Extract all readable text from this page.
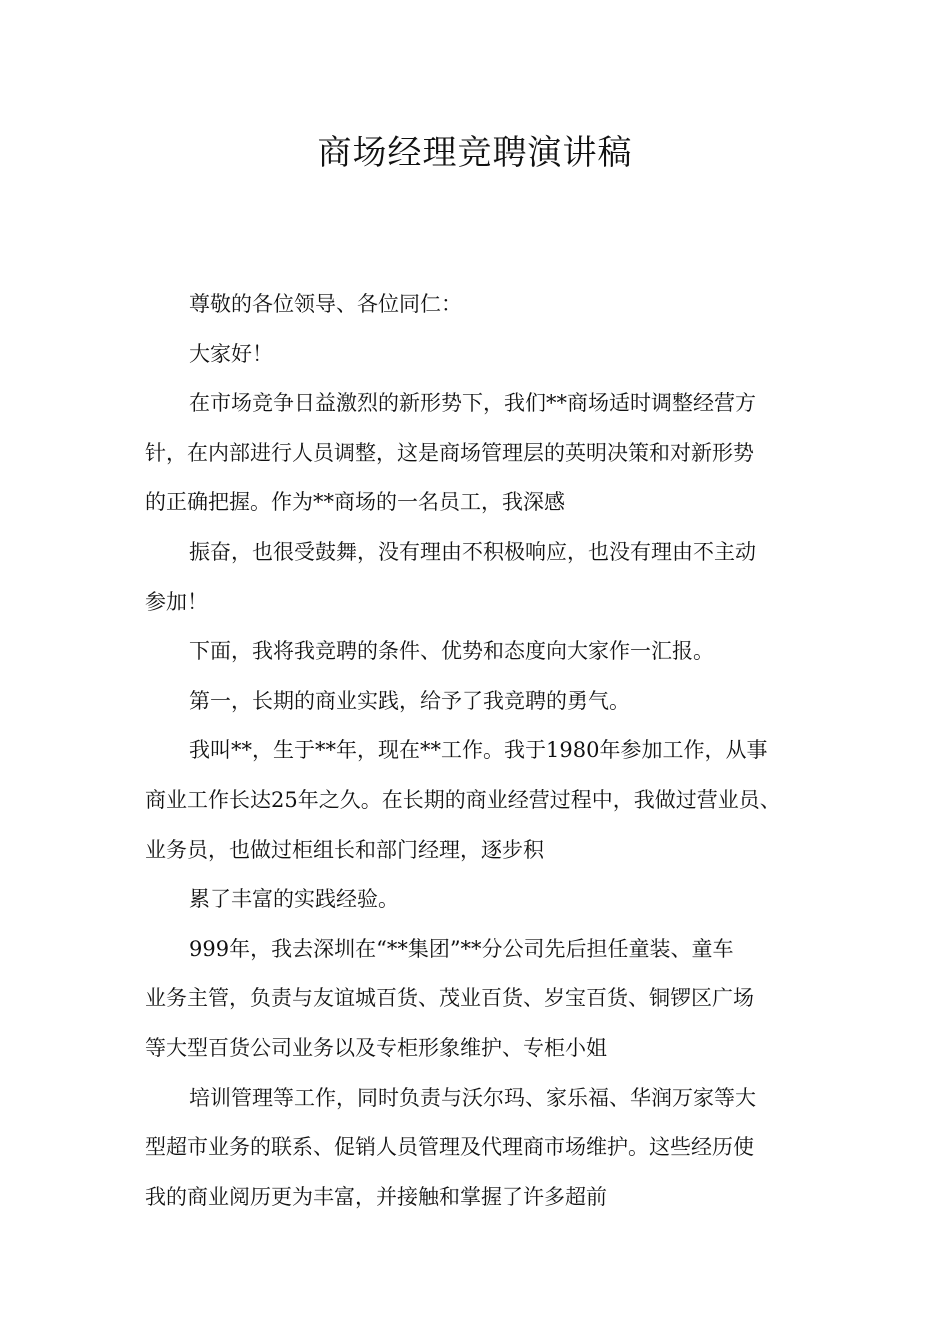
商场经理竞聘演讲稿

尊敬的各位领导、各位同仁：

大家好！

在市场竞争日益激烈的新形势下，我们**商场适时调整经营方

针，在内部进行人员调整，这是商场管理层的英明决策和对新形势

的正确把握。作为**商场的一名员工，我深感

振奋，也很受鼓舞，没有理由不积极响应，也没有理由不主动

参加！

下面，我将我竞聘的条件、优势和态度向大家作一汇报。

第一，长期的商业实践，给予了我竞聘的勇气。

我叫**，生于**年，现在**工作。我于1980年参加工作，从事

商业工作长达25年之久。在长期的商业经营过程中，我做过营业员、

业务员，也做过柜组长和部门经理，逐步积

累了丰富的实践经验。

999年，我去深圳在“**集团”**分公司先后担任童装、童车

业务主管，负责与友谊城百货、茂业百货、岁宝百货、铜锣区广场

等大型百货公司业务以及专柜形象维护、专柜小姐

培训管理等工作，同时负责与沃尔玛、家乐福、华润万家等大

型超市业务的联系、促销人员管理及代理商市场维护。这些经历使

我的商业阅历更为丰富，并接触和掌握了许多超前
